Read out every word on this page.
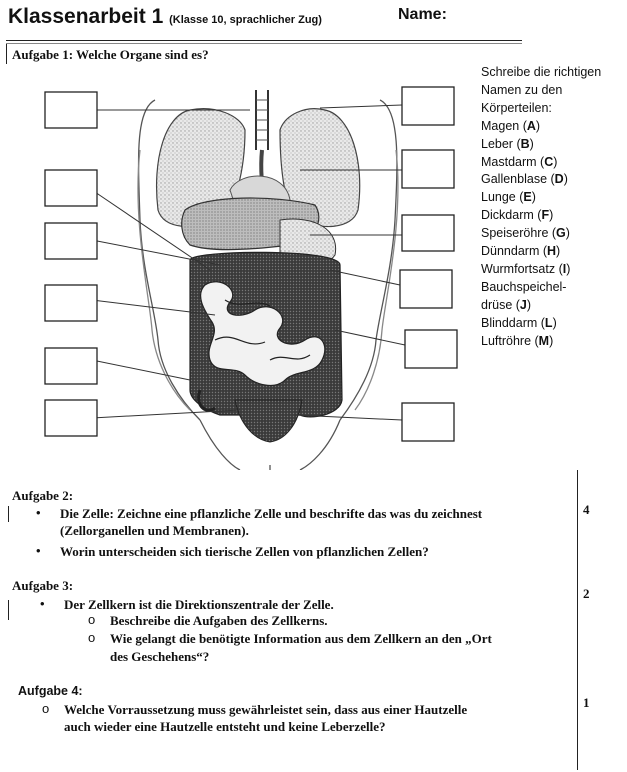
Klassenarbeit 1 (Klasse 10, sprachlicher Zug)	Name:
Aufgabe 1: Welche Organe sind es?
Schreibe die richtigen
Namen zu den
Körperteilen:
Magen (A)
Leber (B)
Mastdarm (C)
Gallenblase (D)
Lunge (E)
Dickdarm (F)
Speiseröhre (G)
Dünndarm (H)
Wurmfortsatz (I)
Bauchspeichel-
drüse (J)
Blinddarm (L)
Luftröhre (M)
Aufgabe 2:
• Die Zelle: Zeichne eine pflanzliche Zelle und beschrifte das was du zeichnest
(Zellorganellen und Membranen).
• Worin unterscheiden sich tierische Zellen von pflanzlichen Zellen?
4
Aufgabe 3:
• Der Zellkern ist die Direktionszentrale der Zelle.
o Beschreibe die Aufgaben des Zellkerns.
o Wie gelangt die benötigte Information aus dem Zellkern an den „Ort
des Geschehens“?
2
Aufgabe 4:
o Welche Vorraussetzung muss gewährleistet sein, dass aus einer Hautzelle
auch wieder eine Hautzelle entsteht und keine Leberzelle?
1
